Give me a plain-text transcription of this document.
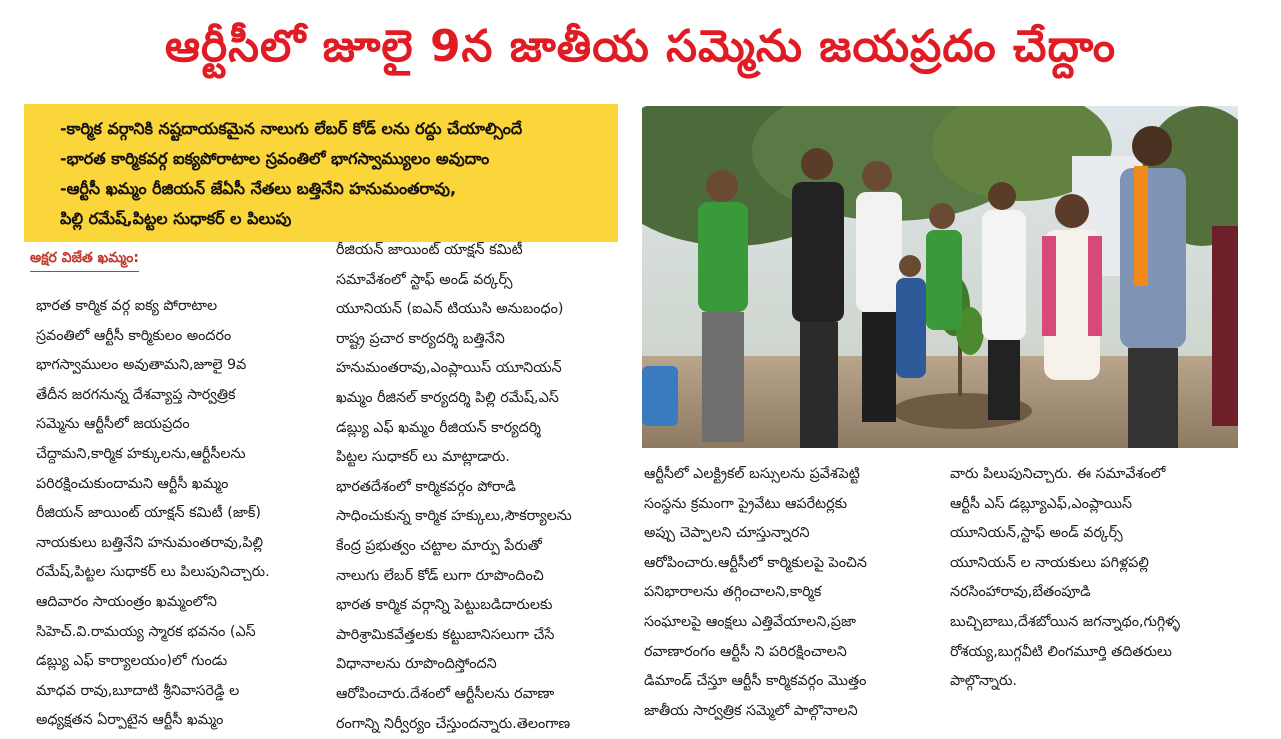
ఆర్టీసీలో జూలై 9న జాతీయ సమ్మెను జయప్రదం చేద్దాం
-కార్మిక వర్గానికి నష్టదాయకమైన నాలుగు లేబర్ కోడ్ లను రద్దు చేయాల్సిందే
-భారత కార్మికవర్గ ఐక్యపోరాటాల స్రవంతిలో భాగస్వామ్యులం అవుదాం
-ఆర్టీసీ ఖమ్మం రీజియన్ జేఏసీ నేతలు బత్తినేని హనుమంతరావు,
పిల్లి రమేష్,పిట్టల సుధాకర్ ల పిలుపు
అక్షర విజేత ఖమ్మం:
భారత కార్మిక వర్గ ఐక్య పోరాటాల
స్రవంతిలో ఆర్టీసీ కార్మికులం అందరం
భాగస్వాములం అవుతామని,జూలై 9వ
తేదీన జరగనున్న దేశవ్యాప్త సార్వత్రిక
సమ్మెను ఆర్టీసీలో జయప్రదం
చేద్దామని,కార్మిక హక్కులను,ఆర్టీసీలను
పరిరక్షించుకుందామని ఆర్టీసీ ఖమ్మం
రీజియన్ జాయింట్ యాక్షన్ కమిటీ (జాక్)
నాయకులు బత్తినేని హనుమంతరావు,పిల్లి
రమేష్,పిట్టల సుధాకర్ లు పిలుపునిచ్చారు.
ఆదివారం సాయంత్రం ఖమ్మంలోని
సిహెచ్.వి.రామయ్య స్మారక భవనం (ఎస్
డబ్ల్యు ఎఫ్ కార్యాలయం)లో గుండు
మాధవ రావు,బూదాటి శ్రీనివాసరెడ్డి ల
అధ్యక్షతన ఏర్పాటైన ఆర్టీసీ ఖమ్మం
రీజియన్ జాయింట్ యాక్షన్ కమిటీ
సమావేశంలో స్టాఫ్ అండ్ వర్కర్స్
యూనియన్ (ఐఎన్ టియుసి అనుబంధం)
రాష్ట్ర ప్రచార కార్యదర్శి బత్తినేని
హనుమంతరావు,ఎంప్లాయిస్ యూనియన్
ఖమ్మం రీజినల్ కార్యదర్శి పిల్లి రమేష్,ఎస్
డబ్ల్యు ఎఫ్ ఖమ్మం రీజియన్ కార్యదర్శి
పిట్టల సుధాకర్ లు మాట్లాడారు.
భారతదేశంలో కార్మికవర్గం పోరాడి
సాధించుకున్న కార్మిక హక్కులు,సౌకర్యాలను
కేంద్ర ప్రభుత్వం చట్టాల మార్పు పేరుతో
నాలుగు లేబర్ కోడ్ లుగా రూపొందించి
భారత కార్మిక వర్గాన్ని పెట్టుబడిదారులకు
పారిశ్రామికవేత్తలకు కట్టుబానిసలుగా చేసే
విధానాలను రూపొందిస్తోందని
ఆరోపించారు.దేశంలో ఆర్టీసీలను రవాణా
రంగాన్ని నిర్వీర్యం చేస్తుందన్నారు.తెలంగాణ
ఆర్టీసీలో ఎలక్ట్రికల్ బస్సులను ప్రవేశపెట్టి
సంస్థను క్రమంగా ప్రైవేటు ఆపరేటర్లకు
అప్పు చెప్పాలని చూస్తున్నారని
ఆరోపించారు.ఆర్టీసీలో కార్మికులపై పెంచిన
పనిభారాలను తగ్గించాలని,కార్మిక
సంఘాలపై ఆంక్షలు ఎత్తివేయాలని,ప్రజా
రవాణారంగం ఆర్టీసీ ని పరిరక్షించాలని
డిమాండ్ చేస్తూ ఆర్టీసీ కార్మికవర్గం మొత్తం
జాతీయ సార్వత్రిక సమ్మెలో పాల్గొనాలని
వారు పిలుపునిచ్చారు. ఈ సమావేశంలో
ఆర్టీసీ ఎస్ డబ్ల్యూఎఫ్,ఎంప్లాయిస్
యూనియన్,స్టాఫ్ అండ్ వర్కర్స్
యూనియన్ ల నాయకులు పగిళ్లపల్లి
నరసింహారావు,బేతంపూడి
బుచ్చిబాబు,దేశబోయిన జగన్నాథం,గుగ్గిళ్ళ
రోశయ్య,బుగ్గవీటి లింగమూర్తి తదితరులు
పాల్గొన్నారు.
